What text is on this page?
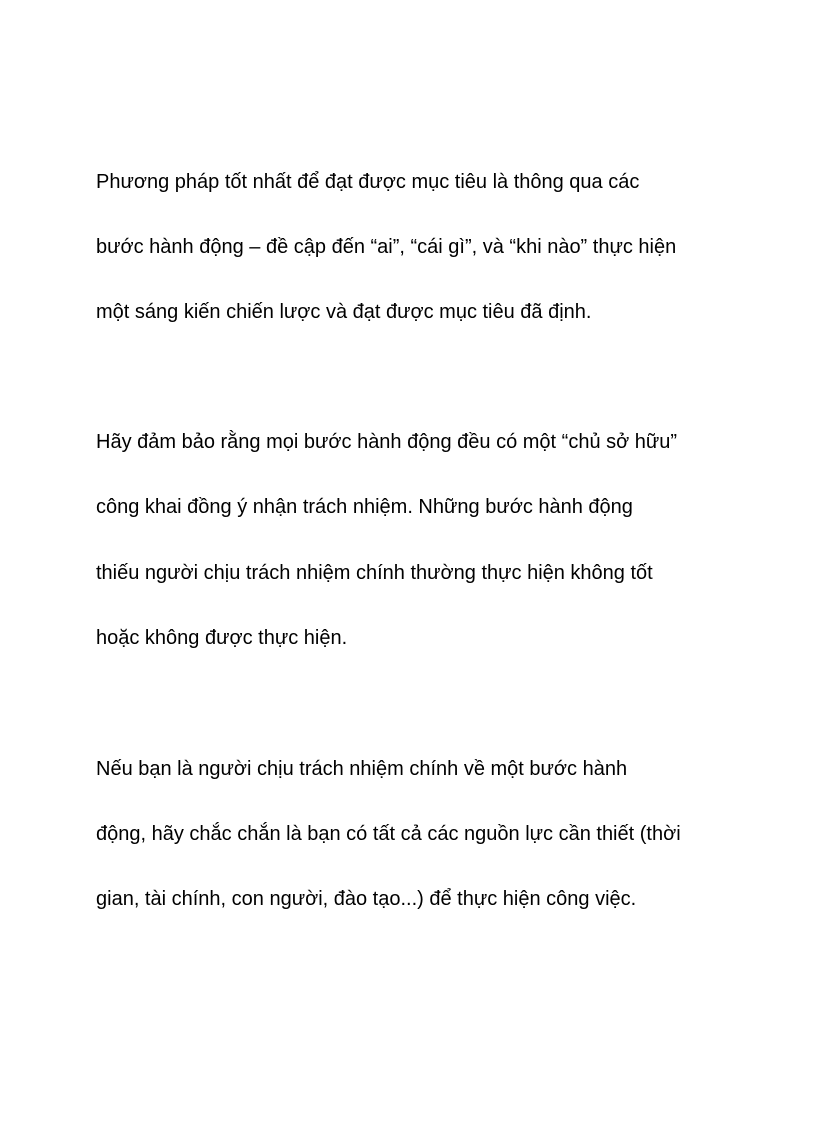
Phương pháp tốt nhất để đạt được mục tiêu là thông qua các

bước hành động – đề cập đến “ai”, “cái gì”, và “khi nào” thực hiện

một sáng kiến chiến lược và đạt được mục tiêu đã định.

Hãy đảm bảo rằng mọi bước hành động đều có một “chủ sở hữu”

công khai đồng ý nhận trách nhiệm. Những bước hành động

thiếu người chịu trách nhiệm chính thường thực hiện không tốt

hoặc không được thực hiện.

Nếu bạn là người chịu trách nhiệm chính về một bước hành

động, hãy chắc chắn là bạn có tất cả các nguồn lực cần thiết (thời

gian, tài chính, con người, đào tạo...) để thực hiện công việc.
